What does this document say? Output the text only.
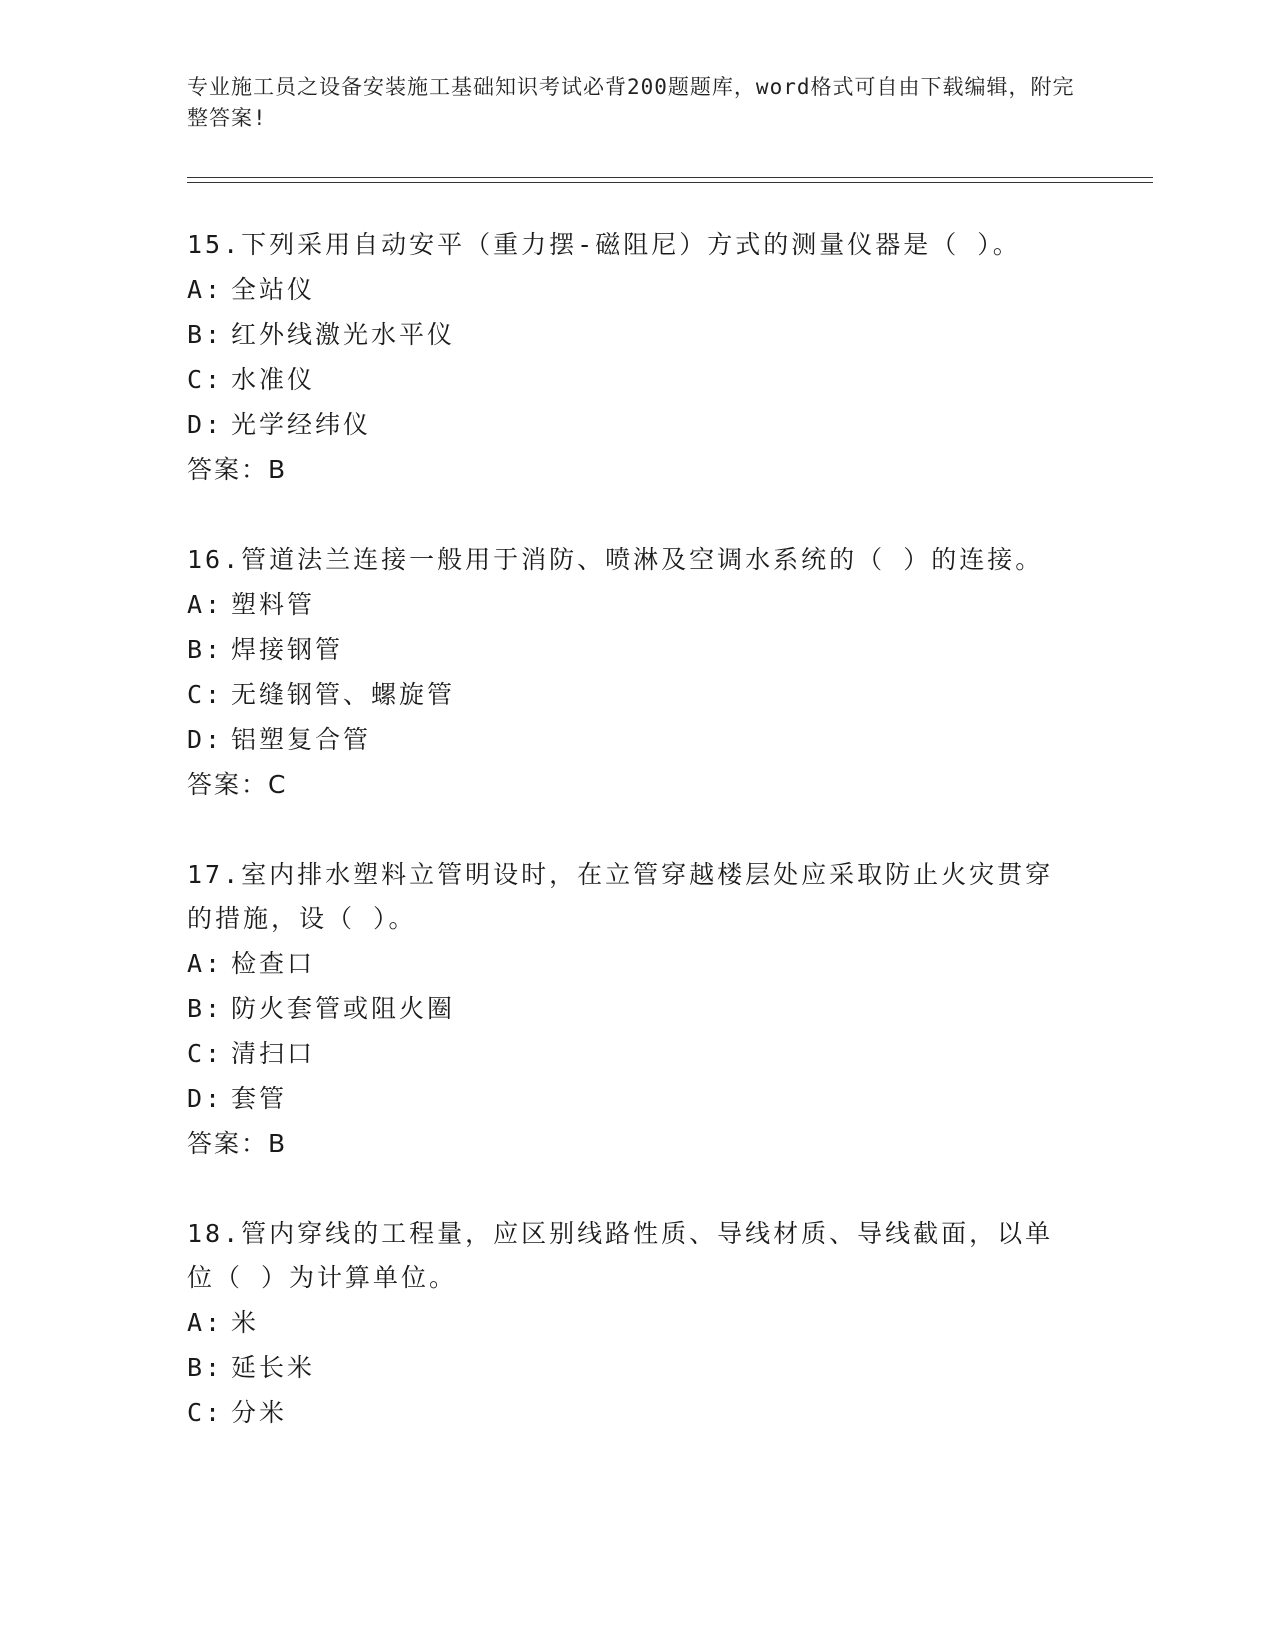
专业施工员之设备安装施工基础知识考试必背200题题库，word格式可自由下载编辑，附完整答案!

15.下列采用自动安平（重力摆-磁阻尼）方式的测量仪器是（ ）。

A: 全站仪

B: 红外线激光水平仪

C: 水准仪

D: 光学经纬仪

答案：B

16.管道法兰连接一般用于消防、喷淋及空调水系统的（ ）的连接。

A: 塑料管

B: 焊接钢管

C: 无缝钢管、螺旋管

D: 铝塑复合管

答案：C

17.室内排水塑料立管明设时，在立管穿越楼层处应采取防止火灾贯穿的措施，设（ ）。

A: 检查口

B: 防火套管或阻火圈

C: 清扫口

D: 套管

答案：B

18.管内穿线的工程量，应区别线路性质、导线材质、导线截面，以单位（ ）为计算单位。

A: 米

B: 延长米

C: 分米
